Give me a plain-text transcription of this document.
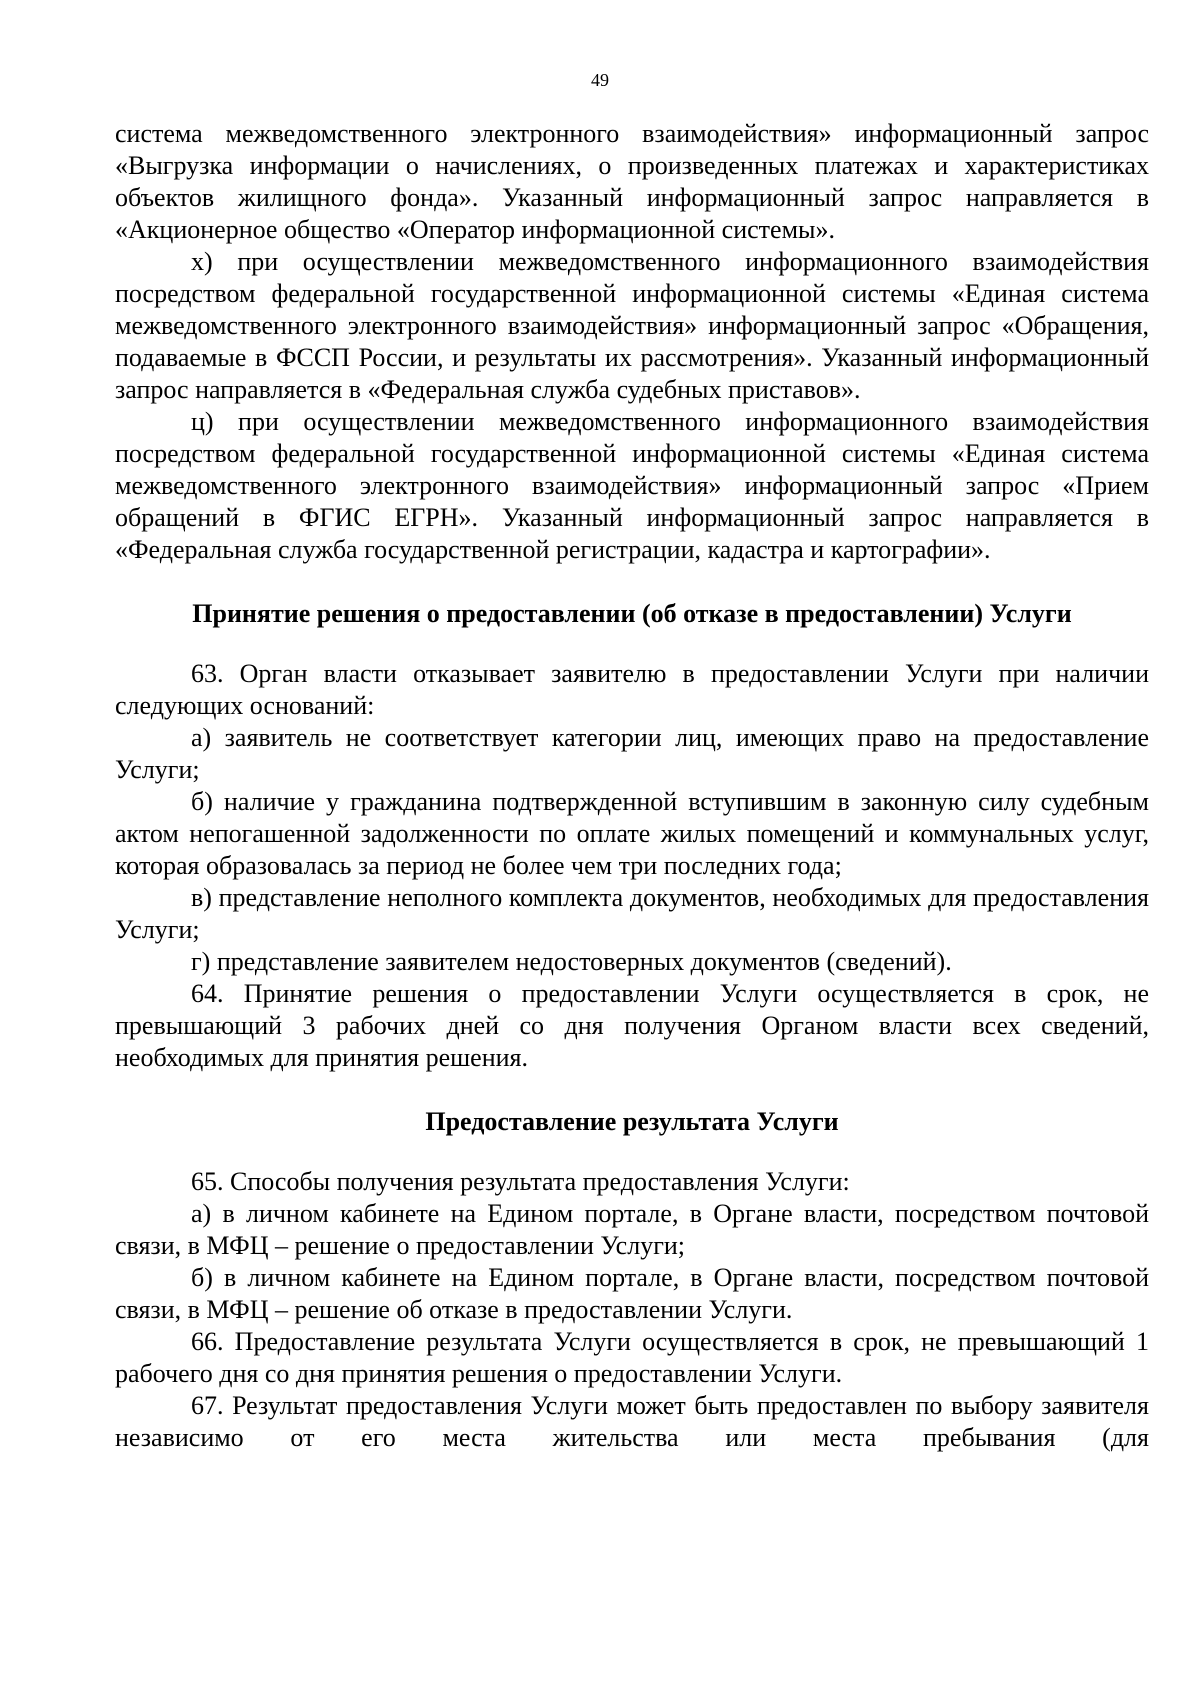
49

система межведомственного электронного взаимодействия» информационный запрос «Выгрузка информации о начислениях, о произведенных платежах и характеристиках объектов жилищного фонда». Указанный информационный запрос направляется в «Акционерное общество «Оператор информационной системы».

х) при осуществлении межведомственного информационного взаимодействия посредством федеральной государственной информационной системы «Единая система межведомственного электронного взаимодействия» информационный запрос «Обращения, подаваемые в ФССП России, и результаты их рассмотрения». Указанный информационный запрос направляется в «Федеральная служба судебных приставов».

ц) при осуществлении межведомственного информационного взаимодействия посредством федеральной государственной информационной системы «Единая система межведомственного электронного взаимодействия» информационный запрос «Прием обращений в ФГИС ЕГРН». Указанный информационный запрос направляется в «Федеральная служба государственной регистрации, кадастра и картографии».

Принятие решения о предоставлении (об отказе в предоставлении) Услуги

63. Орган власти отказывает заявителю в предоставлении Услуги при наличии следующих оснований:

а) заявитель не соответствует категории лиц, имеющих право на предоставление Услуги;

б) наличие у гражданина подтвержденной вступившим в законную силу судебным актом непогашенной задолженности по оплате жилых помещений и коммунальных услуг, которая образовалась за период не более чем три последних года;

в) представление неполного комплекта документов, необходимых для предоставления Услуги;

г) представление заявителем недостоверных документов (сведений).

64. Принятие решения о предоставлении Услуги осуществляется в срок, не превышающий 3 рабочих дней со дня получения Органом власти всех сведений, необходимых для принятия решения.

Предоставление результата Услуги

65. Способы получения результата предоставления Услуги:

а) в личном кабинете на Едином портале, в Органе власти, посредством почтовой связи, в МФЦ – решение о предоставлении Услуги;

б) в личном кабинете на Едином портале, в Органе власти, посредством почтовой связи, в МФЦ – решение об отказе в предоставлении Услуги.

66. Предоставление результата Услуги осуществляется в срок, не превышающий 1 рабочего дня со дня принятия решения о предоставлении Услуги.

67. Результат предоставления Услуги может быть предоставлен по выбору заявителя независимо от его места жительства или места пребывания (для
